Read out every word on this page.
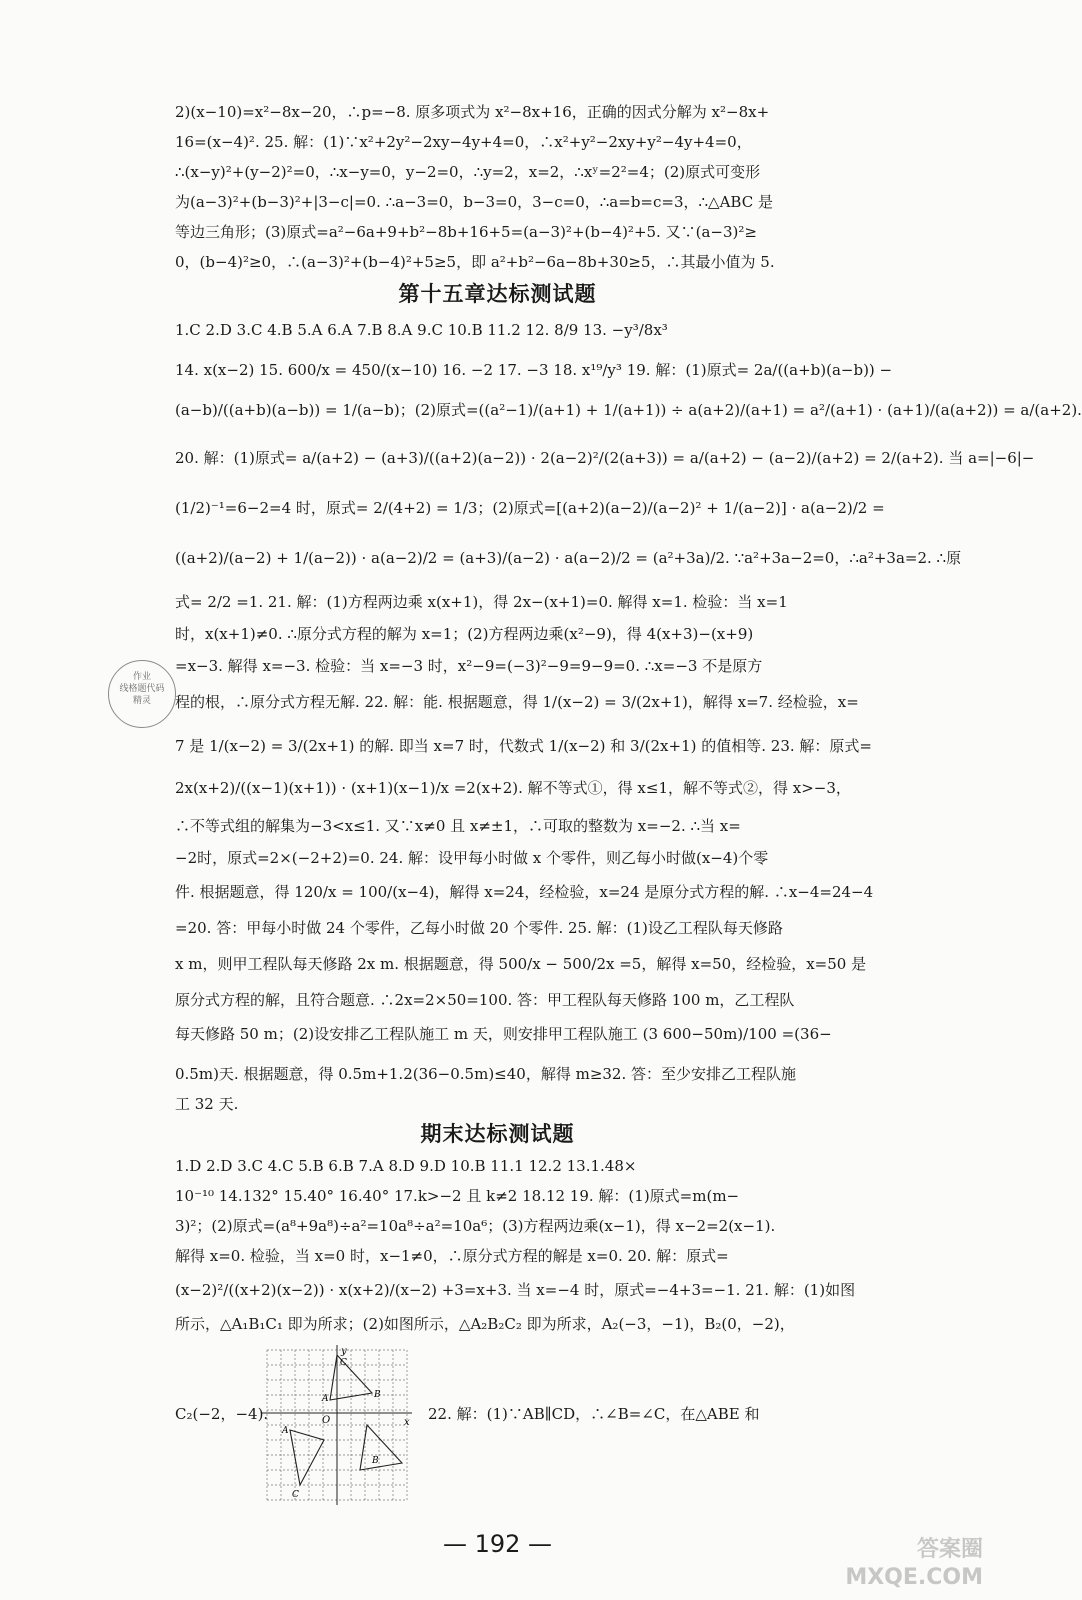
2)(x−10)=x²−8x−20，∴p=−8. 原多项式为 x²−8x+16，正确的因式分解为 x²−8x+
16=(x−4)². 25. 解：(1)∵x²+2y²−2xy−4y+4=0，∴x²+y²−2xy+y²−4y+4=0，
∴(x−y)²+(y−2)²=0，∴x−y=0，y−2=0，∴y=2，x=2，∴xʸ=2²=4；(2)原式可变形
为(a−3)²+(b−3)²+|3−c|=0. ∴a−3=0，b−3=0，3−c=0，∴a=b=c=3，∴△ABC 是
等边三角形；(3)原式=a²−6a+9+b²−8b+16+5=(a−3)²+(b−4)²+5. 又∵(a−3)²≥
0，(b−4)²≥0，∴(a−3)²+(b−4)²+5≥5，即 a²+b²−6a−8b+30≥5，∴其最小值为 5.
第十五章达标测试题
1.C 2.D 3.C 4.B 5.A 6.A 7.B 8.A 9.C 10.B 11.2 12. 8/9 13. −y³/8x³
14. x(x−2) 15. 600/x = 450/(x−10) 16. −2 17. −3 18. x¹⁹/y³ 19. 解：(1)原式= 2a/((a+b)(a−b)) −
(a−b)/((a+b)(a−b)) = 1/(a−b)；(2)原式=((a²−1)/(a+1) + 1/(a+1)) ÷ a(a+2)/(a+1) = a²/(a+1) · (a+1)/(a(a+2)) = a/(a+2).
20. 解：(1)原式= a/(a+2) − (a+3)/((a+2)(a−2)) · 2(a−2)²/(2(a+3)) = a/(a+2) − (a−2)/(a+2) = 2/(a+2). 当 a=|−6|−
(1/2)⁻¹=6−2=4 时，原式= 2/(4+2) = 1/3；(2)原式=[(a+2)(a−2)/(a−2)² + 1/(a−2)] · a(a−2)/2 =
((a+2)/(a−2) + 1/(a−2)) · a(a−2)/2 = (a+3)/(a−2) · a(a−2)/2 = (a²+3a)/2. ∵a²+3a−2=0，∴a²+3a=2. ∴原
式= 2/2 =1. 21. 解：(1)方程两边乘 x(x+1)，得 2x−(x+1)=0. 解得 x=1. 检验：当 x=1
时，x(x+1)≠0. ∴原分式方程的解为 x=1；(2)方程两边乘(x²−9)，得 4(x+3)−(x+9)
=x−3. 解得 x=−3. 检验：当 x=−3 时，x²−9=(−3)²−9=9−9=0. ∴x=−3 不是原方
程的根，∴原分式方程无解. 22. 解：能. 根据题意，得 1/(x−2) = 3/(2x+1)，解得 x=7. 经检验，x=
7 是 1/(x−2) = 3/(2x+1) 的解. 即当 x=7 时，代数式 1/(x−2) 和 3/(2x+1) 的值相等. 23. 解：原式=
2x(x+2)/((x−1)(x+1)) · (x+1)(x−1)/x =2(x+2). 解不等式①，得 x≤1，解不等式②，得 x>−3，
∴不等式组的解集为−3<x≤1. 又∵x≠0 且 x≠±1，∴可取的整数为 x=−2. ∴当 x=
−2时，原式=2×(−2+2)=0. 24. 解：设甲每小时做 x 个零件，则乙每小时做(x−4)个零
件. 根据题意，得 120/x = 100/(x−4)，解得 x=24，经检验，x=24 是原分式方程的解. ∴x−4=24−4
=20. 答：甲每小时做 24 个零件，乙每小时做 20 个零件. 25. 解：(1)设乙工程队每天修路
x m，则甲工程队每天修路 2x m. 根据题意，得 500/x − 500/2x =5，解得 x=50，经检验，x=50 是
原分式方程的解，且符合题意. ∴2x=2×50=100. 答：甲工程队每天修路 100 m，乙工程队
每天修路 50 m；(2)设安排乙工程队施工 m 天，则安排甲工程队施工 (3 600−50m)/100 =(36−
0.5m)天. 根据题意，得 0.5m+1.2(36−0.5m)≤40，解得 m≥32. 答：至少安排乙工程队施
工 32 天.
期末达标测试题
1.D 2.D 3.C 4.C 5.B 6.B 7.A 8.D 9.D 10.B 11.1 12.2 13.1.48×
10⁻¹⁰ 14.132° 15.40° 16.40° 17.k>−2 且 k≠2 18.12 19. 解：(1)原式=m(m−
3)²；(2)原式=(a⁸+9a⁸)÷a²=10a⁸÷a²=10a⁶；(3)方程两边乘(x−1)，得 x−2=2(x−1).
解得 x=0. 检验，当 x=0 时，x−1≠0，∴原分式方程的解是 x=0. 20. 解：原式=
(x−2)²/((x+2)(x−2)) · x(x+2)/(x−2) +3=x+3. 当 x=−4 时，原式=−4+3=−1. 21. 解：(1)如图
所示，△A₁B₁C₁ 即为所求；(2)如图所示，△A₂B₂C₂ 即为所求，A₂(−3，−1)，B₂(0，−2)，
C₂(−2，−4).	22. 解：(1)∵AB∥CD，∴∠B=∠C，在△ABE 和
y
x
O
C
A	B
A
B
C
作业
线格题代码
精灵
— 192 —	答案圈
MXQE.COM
